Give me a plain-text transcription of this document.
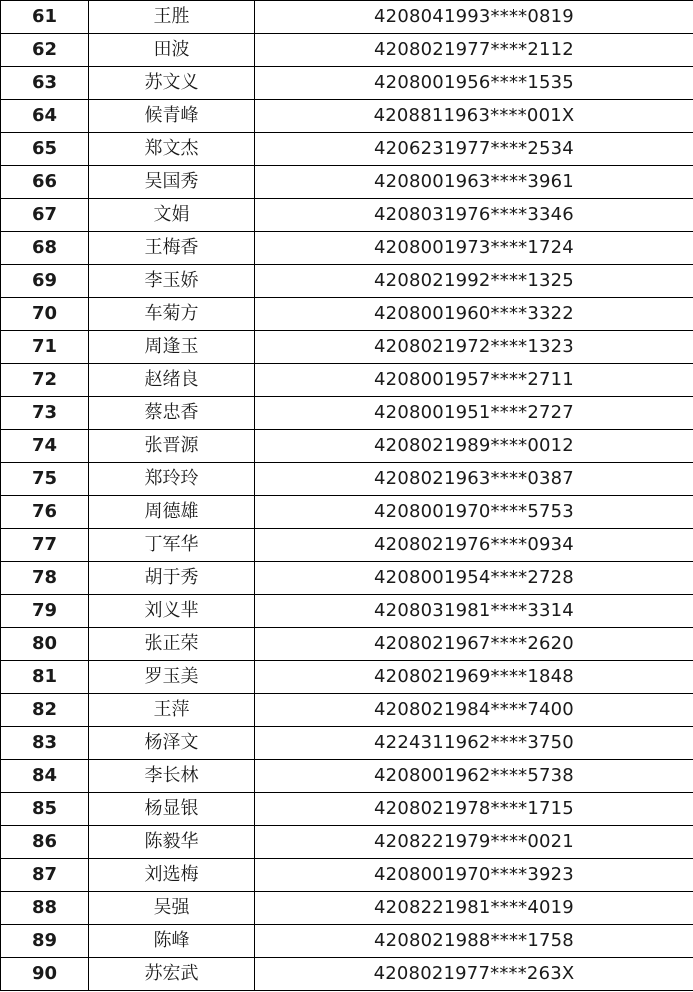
61	王胜	4208041993****0819
62	田波	4208021977****2112
63	苏文义	4208001956****1535
64	候青峰	4208811963****001X
65	郑文杰	4206231977****2534
66	吴国秀	4208001963****3961
67	文娟	4208031976****3346
68	王梅香	4208001973****1724
69	李玉娇	4208021992****1325
70	车菊方	4208001960****3322
71	周逢玉	4208021972****1323
72	赵绪良	4208001957****2711
73	蔡忠香	4208001951****2727
74	张晋源	4208021989****0012
75	郑玲玲	4208021963****0387
76	周德雄	4208001970****5753
77	丁军华	4208021976****0934
78	胡于秀	4208001954****2728
79	刘义芈	4208031981****3314
80	张正荣	4208021967****2620
81	罗玉美	4208021969****1848
82	王萍	4208021984****7400
83	杨泽文	4224311962****3750
84	李长林	4208001962****5738
85	杨显银	4208021978****1715
86	陈毅华	4208221979****0021
87	刘选梅	4208001970****3923
88	吴强	4208221981****4019
89	陈峰	4208021988****1758
90	苏宏武	4208021977****263X
